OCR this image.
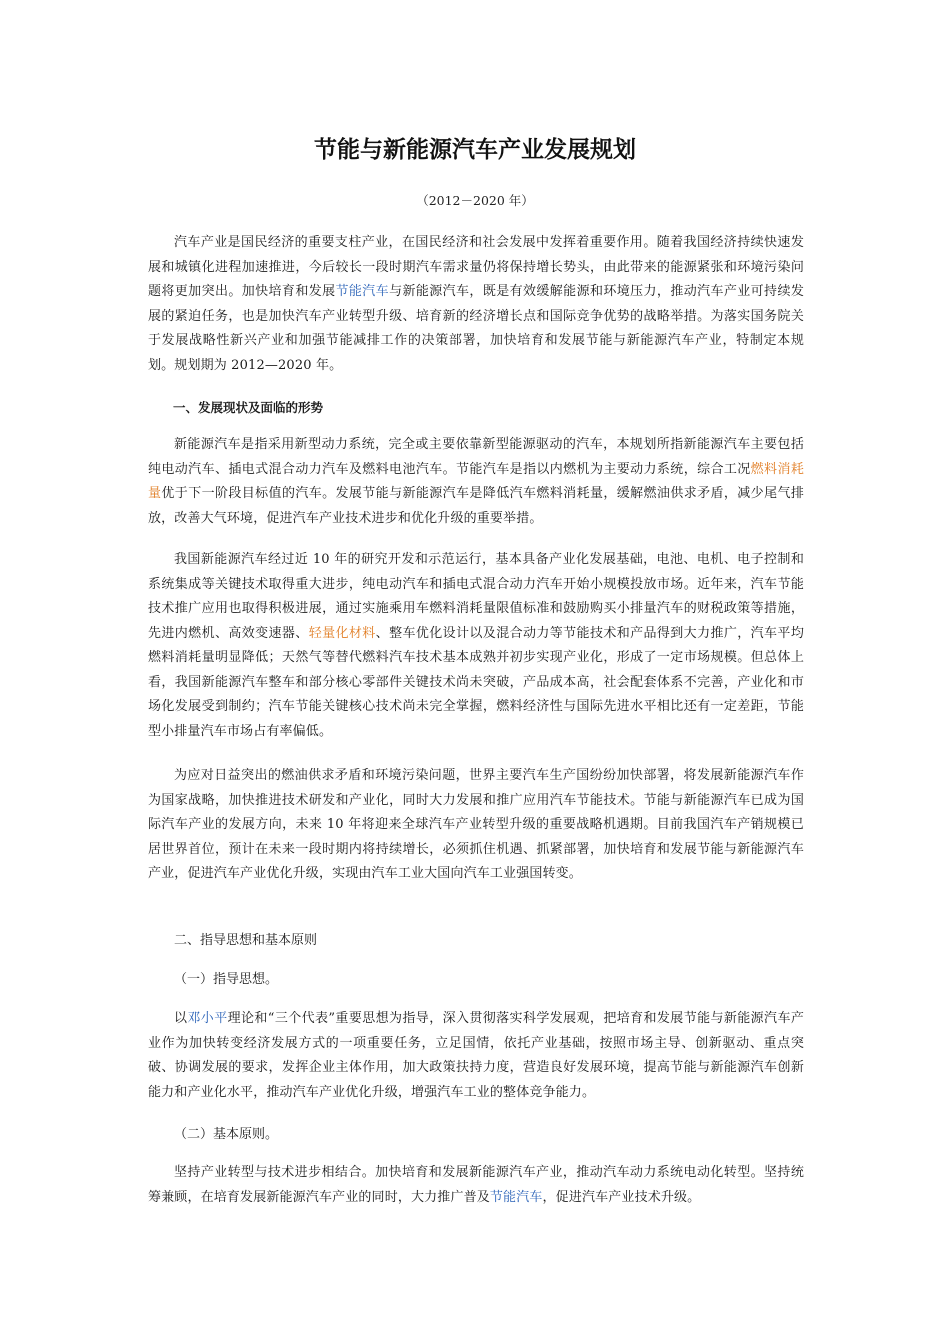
节能与新能源汽车产业发展规划
（2012－2020 年）

汽车产业是国民经济的重要支柱产业，在国民经济和社会发展中发挥着重要作用。随着我国经济持续快速发展和城镇化进程加速推进，今后较长一段时期汽车需求量仍将保持增长势头，由此带来的能源紧张和环境污染问题将更加突出。加快培育和发展节能汽车与新能源汽车，既是有效缓解能源和环境压力，推动汽车产业可持续发展的紧迫任务，也是加快汽车产业转型升级、培育新的经济增长点和国际竞争优势的战略举措。为落实国务院关于发展战略性新兴产业和加强节能减排工作的决策部署，加快培育和发展节能与新能源汽车产业，特制定本规划。规划期为 2012—2020 年。

一、发展现状及面临的形势

新能源汽车是指采用新型动力系统，完全或主要依靠新型能源驱动的汽车，本规划所指新能源汽车主要包括纯电动汽车、插电式混合动力汽车及燃料电池汽车。节能汽车是指以内燃机为主要动力系统，综合工况燃料消耗量优于下一阶段目标值的汽车。发展节能与新能源汽车是降低汽车燃料消耗量，缓解燃油供求矛盾，减少尾气排放，改善大气环境，促进汽车产业技术进步和优化升级的重要举措。

我国新能源汽车经过近 10 年的研究开发和示范运行，基本具备产业化发展基础，电池、电机、电子控制和系统集成等关键技术取得重大进步，纯电动汽车和插电式混合动力汽车开始小规模投放市场。近年来，汽车节能技术推广应用也取得积极进展，通过实施乘用车燃料消耗量限值标准和鼓励购买小排量汽车的财税政策等措施，先进内燃机、高效变速器、轻量化材料、整车优化设计以及混合动力等节能技术和产品得到大力推广，汽车平均燃料消耗量明显降低；天然气等替代燃料汽车技术基本成熟并初步实现产业化，形成了一定市场规模。但总体上看，我国新能源汽车整车和部分核心零部件关键技术尚未突破，产品成本高，社会配套体系不完善，产业化和市场化发展受到制约；汽车节能关键核心技术尚未完全掌握，燃料经济性与国际先进水平相比还有一定差距，节能型小排量汽车市场占有率偏低。

为应对日益突出的燃油供求矛盾和环境污染问题，世界主要汽车生产国纷纷加快部署，将发展新能源汽车作为国家战略，加快推进技术研发和产业化，同时大力发展和推广应用汽车节能技术。节能与新能源汽车已成为国际汽车产业的发展方向，未来 10 年将迎来全球汽车产业转型升级的重要战略机遇期。目前我国汽车产销规模已居世界首位，预计在未来一段时期内将持续增长，必须抓住机遇、抓紧部署，加快培育和发展节能与新能源汽车产业，促进汽车产业优化升级，实现由汽车工业大国向汽车工业强国转变。

二、指导思想和基本原则
（一）指导思想。

以邓小平理论和“三个代表”重要思想为指导，深入贯彻落实科学发展观，把培育和发展节能与新能源汽车产业作为加快转变经济发展方式的一项重要任务，立足国情，依托产业基础，按照市场主导、创新驱动、重点突破、协调发展的要求，发挥企业主体作用，加大政策扶持力度，营造良好发展环境，提高节能与新能源汽车创新能力和产业化水平，推动汽车产业优化升级，增强汽车工业的整体竞争能力。

（二）基本原则。

坚持产业转型与技术进步相结合。加快培育和发展新能源汽车产业，推动汽车动力系统电动化转型。坚持统筹兼顾，在培育发展新能源汽车产业的同时，大力推广普及节能汽车，促进汽车产业技术升级。
